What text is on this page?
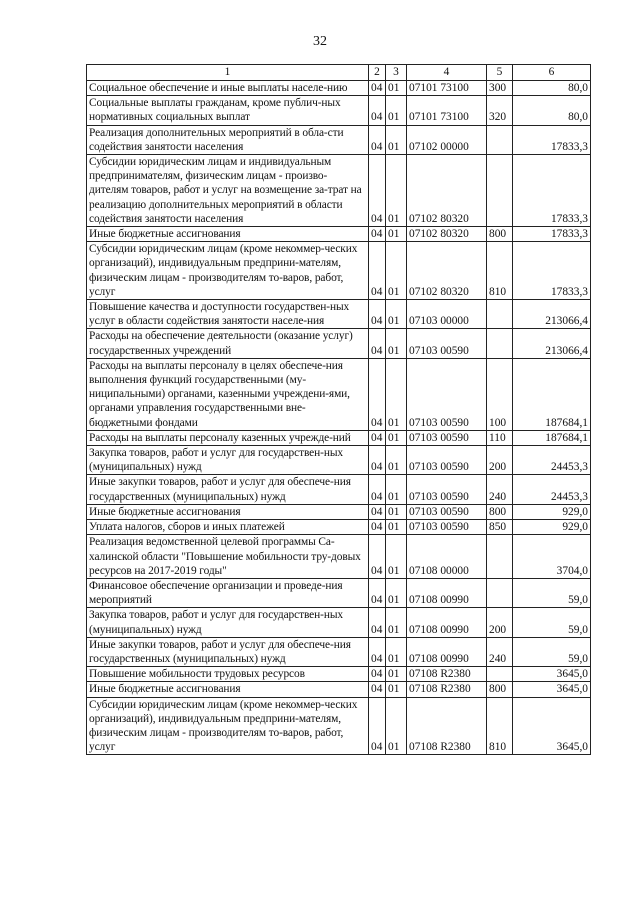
32
1	2	3	4	5	6
Социальное обеспечение и иные выплаты населе-нию	04	01	07101 73100	300	80,0
Социальные выплаты гражданам, кроме публич-ных нормативных социальных выплат	04	01	07101 73100	320	80,0
Реализация дополнительных мероприятий в обла-сти содействия занятости населения	04	01	07102 00000		17833,3
Субсидии юридическим лицам и индивидуальным предпринимателям, физическим лицам - произво-дителям товаров, работ и услуг на возмещение за-трат на реализацию дополнительных мероприятий в области содействия занятости населения	04	01	07102 80320		17833,3
Иные бюджетные ассигнования	04	01	07102 80320	800	17833,3
Субсидии юридическим лицам (кроме некоммер-ческих организаций), индивидуальным предприни-мателям, физическим лицам - производителям то-варов, работ, услуг	04	01	07102 80320	810	17833,3
Повышение качества и доступности государствен-ных услуг в области содействия занятости населе-ния	04	01	07103 00000		213066,4
Расходы на обеспечение деятельности (оказание услуг) государственных учреждений	04	01	07103 00590		213066,4
Расходы на выплаты персоналу в целях обеспече-ния выполнения функций государственными (му-ниципальными) органами, казенными учреждени-ями, органами управления государственными вне-бюджетными фондами	04	01	07103 00590	100	187684,1
Расходы на выплаты персоналу казенных учрежде-ний	04	01	07103 00590	110	187684,1
Закупка товаров, работ и услуг для государствен-ных (муниципальных) нужд	04	01	07103 00590	200	24453,3
Иные закупки товаров, работ и услуг для обеспече-ния государственных (муниципальных) нужд	04	01	07103 00590	240	24453,3
Иные бюджетные ассигнования	04	01	07103 00590	800	929,0
Уплата налогов, сборов и иных платежей	04	01	07103 00590	850	929,0
Реализация ведомственной целевой программы Са-халинской области "Повышение мобильности тру-довых ресурсов на 2017-2019 годы"	04	01	07108 00000		3704,0
Финансовое обеспечение организации и проведе-ния мероприятий	04	01	07108 00990		59,0
Закупка товаров, работ и услуг для государствен-ных (муниципальных) нужд	04	01	07108 00990	200	59,0
Иные закупки товаров, работ и услуг для обеспече-ния государственных (муниципальных) нужд	04	01	07108 00990	240	59,0
Повышение мобильности трудовых ресурсов	04	01	07108 R2380		3645,0
Иные бюджетные ассигнования	04	01	07108 R2380	800	3645,0
Субсидии юридическим лицам (кроме некоммер-ческих организаций), индивидуальным предприни-мателям, физическим лицам - производителям то-варов, работ, услуг	04	01	07108 R2380	810	3645,0
